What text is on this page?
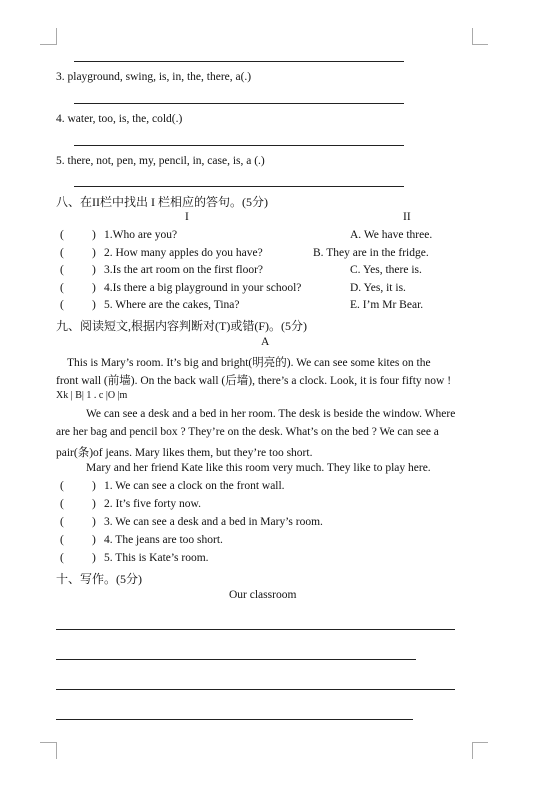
3. playground, swing, is, in, the, there, a(.)
4. water, too, is, the, cold(.)
5. there, not, pen, my, pencil, in, case, is, a (.)
八、在II栏中找出 I 栏相应的答句。(5分)
I	II
( ) 1.Who are you?	A. We have three.
( ) 2. How many apples do you have?	B. They are in the fridge.
( ) 3.Is the art room on the first floor?	C. Yes, there is.
( ) 4.Is there a big playground in your school?	D. Yes, it is.
( ) 5. Where are the cakes, Tina?	E. I’m Mr Bear.
九、阅读短文,根据内容判断对(T)或错(F)。(5分)
A
This is Mary’s room. It’s big and bright(明亮的). We can see some kites on the
front wall (前墙). On the back wall (后墙), there’s a clock. Look, it is four fifty now !
Xk | B| 1 . c |O |m
We can see a desk and a bed in her room. The desk is beside the window. Where
are her bag and pencil box ? They’re on the desk. What’s on the bed ? We can see a
pair(条)of jeans. Mary likes them, but they’re too short.
Mary and her friend Kate like this room very much. They like to play here.
( ) 1. We can see a clock on the front wall.
( ) 2. It’s five forty now.
( ) 3. We can see a desk and a bed in Mary’s room.
( ) 4. The jeans are too short.
( ) 5. This is Kate’s room.
十、写作。(5分)
Our classroom
